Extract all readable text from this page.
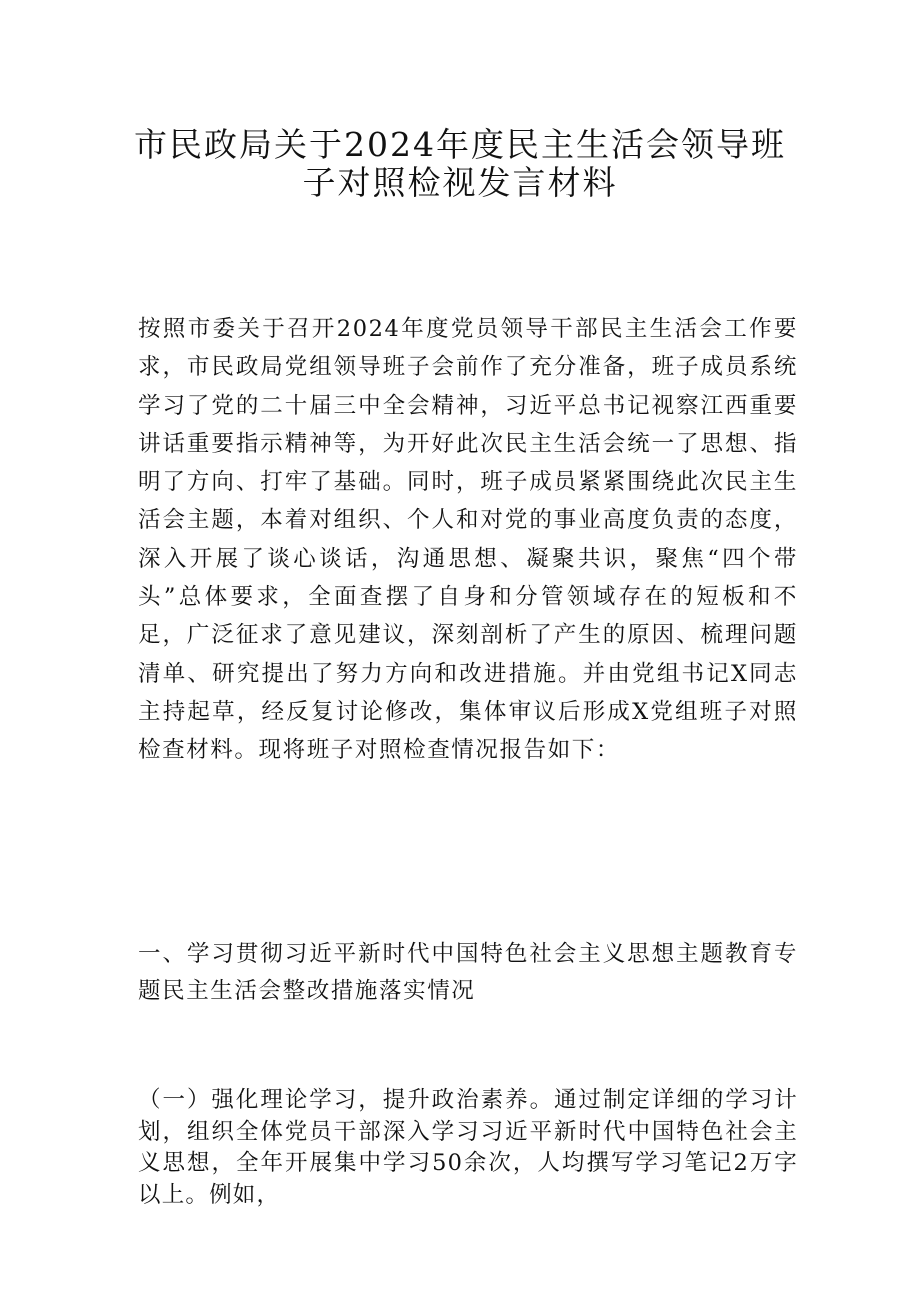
市民政局关于2024年度民主生活会领导班
子对照检视发言材料

按照市委关于召开2024年度党员领导干部民主生活会工作要求，市民政局党组领导班子会前作了充分准备，班子成员系统学习了党的二十届三中全会精神，习近平总书记视察江西重要讲话重要指示精神等，为开好此次民主生活会统一了思想、指明了方向、打牢了基础。同时，班子成员紧紧围绕此次民主生活会主题，本着对组织、个人和对党的事业高度负责的态度，深入开展了谈心谈话，沟通思想、凝聚共识，聚焦“四个带头”总体要求，全面查摆了自身和分管领域存在的短板和不足，广泛征求了意见建议，深刻剖析了产生的原因、梳理问题清单、研究提出了努力方向和改进措施。并由党组书记X同志主持起草，经反复讨论修改，集体审议后形成X党组班子对照检查材料。现将班子对照检查情况报告如下：

一、学习贯彻习近平新时代中国特色社会主义思想主题教育专题民主生活会整改措施落实情况

（一）强化理论学习，提升政治素养。通过制定详细的学习计划，组织全体党员干部深入学习习近平新时代中国特色社会主义思想，全年开展集中学习50余次，人均撰写学习笔记2万字以上。例如，
